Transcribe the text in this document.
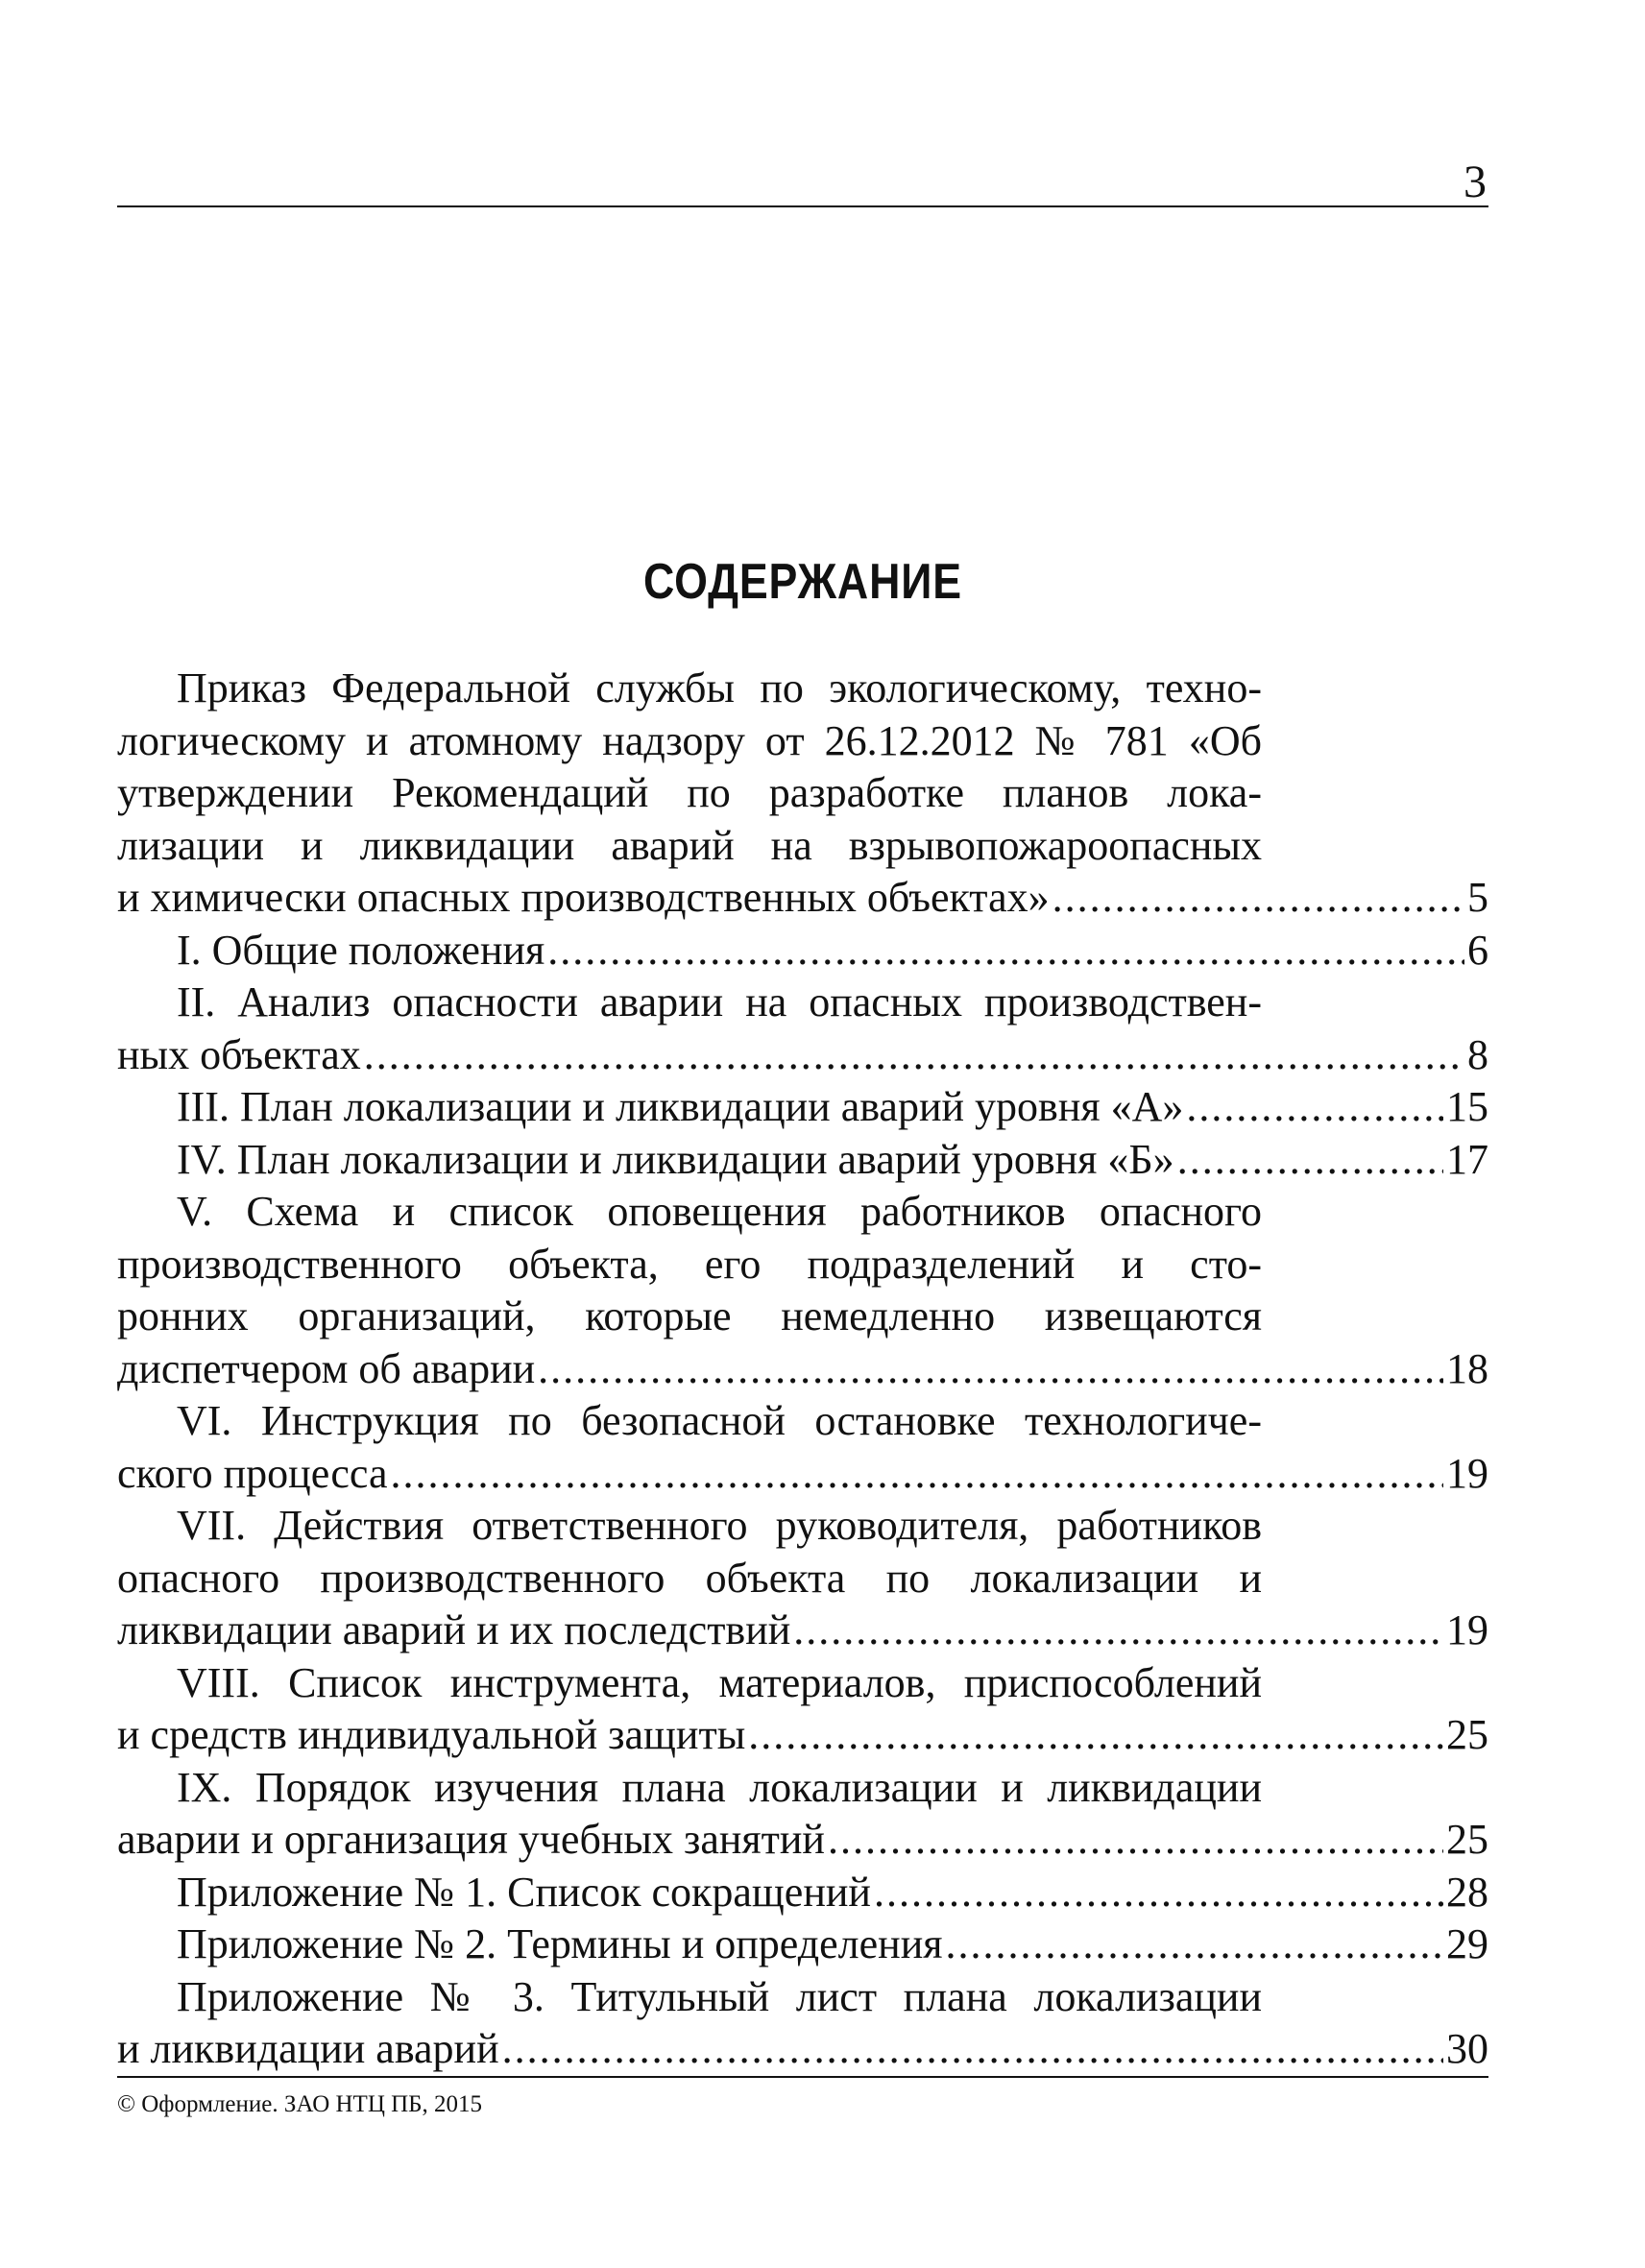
3
СОДЕРЖАНИЕ
Приказ Федеральной службы по экологическому, техно-
логическому и атомному надзору от 26.12.2012 № 781 «Об
утверждении Рекомендаций по разработке планов лока-
лизации и ликвидации аварий на взрывопожароопасных
и химически опасных производственных объектах» .....	5
I. Общие положения .....	6
II. Анализ опасности аварии на опасных производствен-
ных объектах .....	8
III. План локализации и ликвидации аварий уровня «А» .....	15
IV. План локализации и ликвидации аварий уровня «Б» .....	17
V. Схема и список оповещения работников опасного
производственного объекта, его подразделений и сто-
ронних организаций, которые немедленно извещаются
диспетчером об аварии .....	18
VI. Инструкция по безопасной остановке технологиче-
ского процесса .....	19
VII. Действия ответственного руководителя, работников
опасного производственного объекта по локализации и
ликвидации аварий и их последствий .....	19
VIII. Список инструмента, материалов, приспособлений
и средств индивидуальной защиты .....	25
IX. Порядок изучения плана локализации и ликвидации
аварии и организация учебных занятий .....	25
Приложение № 1. Список сокращений .....	28
Приложение № 2. Термины и определения .....	29
Приложение № 3. Титульный лист плана локализации
и ликвидации аварий .....	30
© Оформление. ЗАО НТЦ ПБ, 2015
